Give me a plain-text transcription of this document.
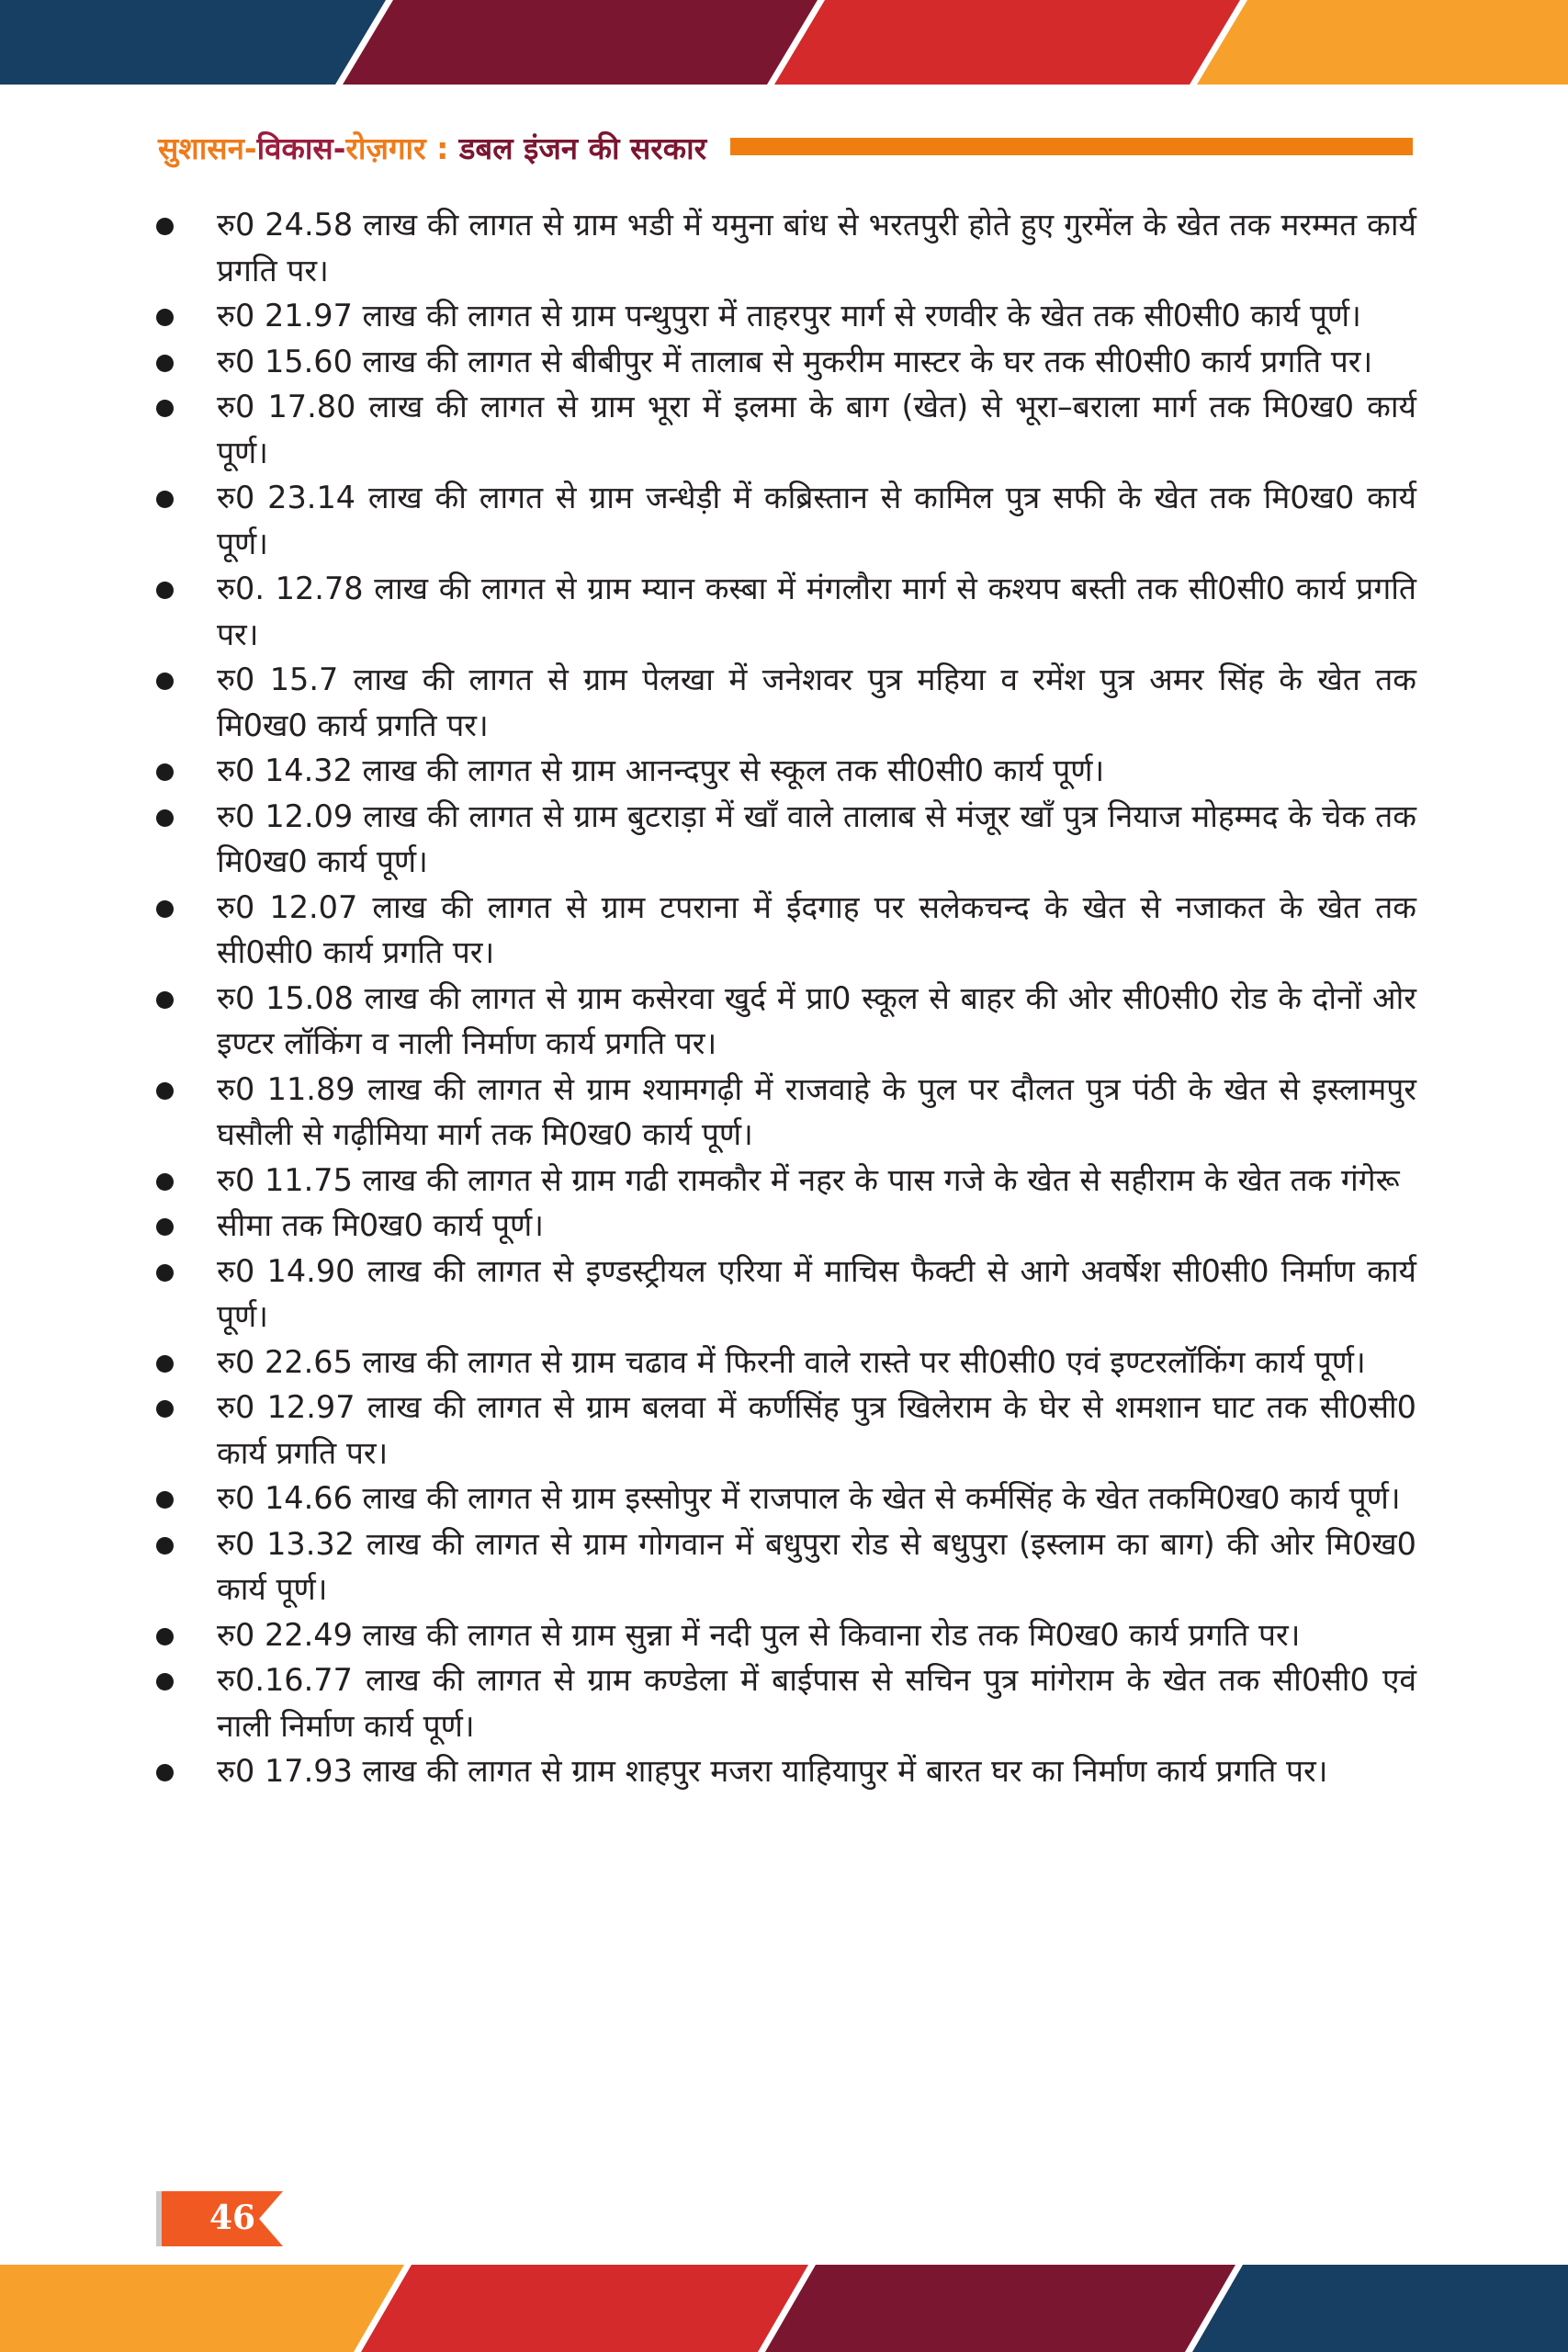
सुशासन-विकास-रोज़गार : डबल इंजन की सरकार
रु0 24.58 लाख की लागत से ग्राम भडी में यमुना बांध से भरतपुरी होते हुए गुरमेंल के खेत तक मरम्मत कार्य प्रगति पर।
रु0 21.97 लाख की लागत से ग्राम पन्थुपुरा में ताहरपुर मार्ग से रणवीर के खेत तक सी0सी0 कार्य पूर्ण।
रु0 15.60 लाख की लागत से बीबीपुर में तालाब से मुकरीम मास्टर के घर तक सी0सी0 कार्य प्रगति पर।
रु0 17.80 लाख की लागत से ग्राम भूरा में इलमा के बाग (खेत) से भूरा–बराला मार्ग तक मि0ख0 कार्य पूर्ण।
रु0 23.14 लाख की लागत से ग्राम जन्धेड़ी में कब्रिस्तान से कामिल पुत्र सफी के खेत तक मि0ख0 कार्य पूर्ण।
रु0. 12.78 लाख की लागत से ग्राम म्यान कस्बा में मंगलौरा मार्ग से कश्यप बस्ती तक सी0सी0 कार्य प्रगति पर।
रु0 15.7 लाख की लागत से ग्राम पेलखा में जनेशवर पुत्र महिया व रमेंश पुत्र अमर सिंह के खेत तक मि0ख0 कार्य प्रगति पर।
रु0 14.32 लाख की लागत से ग्राम आनन्दपुर से स्कूल तक सी0सी0 कार्य पूर्ण।
रु0 12.09 लाख की लागत से ग्राम बुटराड़ा में खाँ वाले तालाब से मंजूर खाँ पुत्र नियाज मोहम्मद के चेक तक मि0ख0 कार्य पूर्ण।
रु0 12.07 लाख की लागत से ग्राम टपराना में ईदगाह पर सलेकचन्द के खेत से नजाकत के खेत तक सी0सी0 कार्य प्रगति पर।
रु0 15.08 लाख की लागत से ग्राम कसेरवा खुर्द में प्रा0 स्कूल से बाहर की ओर सी0सी0 रोड के दोनों ओर इण्टर लॉकिंग व नाली निर्माण कार्य प्रगति पर।
रु0 11.89 लाख की लागत से ग्राम श्यामगढ़ी में राजवाहे के पुल पर दौलत पुत्र पंठी के खेत से इस्लामपुर घसौली से गढ़ीमिया मार्ग तक मि0ख0 कार्य पूर्ण।
रु0 11.75 लाख की लागत से ग्राम गढी रामकौर में नहर के पास गजे के खेत से सहीराम के खेत तक गंगेरू
सीमा तक मि0ख0 कार्य पूर्ण।
रु0 14.90 लाख की लागत से इण्डस्ट्रीयल एरिया में माचिस फैक्टी से आगे अवर्षेश सी0सी0 निर्माण कार्य पूर्ण।
रु0 22.65 लाख की लागत से ग्राम चढाव में फिरनी वाले रास्ते पर सी0सी0 एवं इण्टरलॉकिंग कार्य पूर्ण।
रु0 12.97 लाख की लागत से ग्राम बलवा में कर्णसिंह पुत्र खिलेराम के घेर से शमशान घाट तक सी0सी0 कार्य प्रगति पर।
रु0 14.66 लाख की लागत से ग्राम इस्सोपुर में राजपाल के खेत से कर्मसिंह के खेत तकमि0ख0 कार्य पूर्ण।
रु0 13.32 लाख की लागत से ग्राम गोगवान में बधुपुरा रोड से बधुपुरा (इस्लाम का बाग) की ओर मि0ख0 कार्य पूर्ण।
रु0 22.49 लाख की लागत से ग्राम सुन्ना में नदी पुल से किवाना रोड तक मि0ख0 कार्य प्रगति पर।
रु0.16.77 लाख की लागत से ग्राम कण्डेला में बाईपास से सचिन पुत्र मांगेराम के खेत तक सी0सी0 एवं नाली निर्माण कार्य पूर्ण।
रु0 17.93 लाख की लागत से ग्राम शाहपुर मजरा याहियापुर में बारत घर का निर्माण कार्य प्रगति पर।
46
